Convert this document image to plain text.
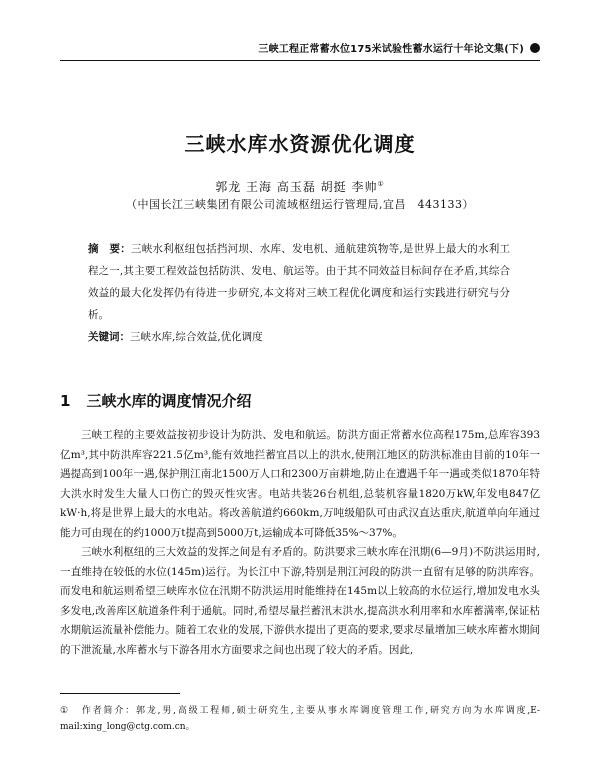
三峡工程正常蓄水位175米试验性蓄水运行十年论文集(下)
三峡水库水资源优化调度
郭龙 王海 高玉磊 胡挺 李帅①
（中国长江三峡集团有限公司流域枢纽运行管理局,宜昌　443133）
摘　要：三峡水利枢纽包括挡河坝、水库、发电机、通航建筑物等,是世界上最大的水利工程之一,其主要工程效益包括防洪、发电、航运等。由于其不同效益目标间存在矛盾,其综合效益的最大化发挥仍有待进一步研究,本文将对三峡工程优化调度和运行实践进行研究与分析。
关键词：三峡水库,综合效益,优化调度
1 三峡水库的调度情况介绍

三峡工程的主要效益按初步设计为防洪、发电和航运。防洪方面正常蓄水位高程175m,总库容393亿m³,其中防洪库容221.5亿m³,能有效地拦蓄宜昌以上的洪水,使荆江地区的防洪标准由目前的10年一遇提高到100年一遇,保护荆江南北1500万人口和2300万亩耕地,防止在遭遇千年一遇或类似1870年特大洪水时发生大量人口伤亡的毁灭性灾害。电站共装26台机组,总装机容量1820万kW,年发电847亿kW·h,将是世界上最大的水电站。将改善航道约660km,万吨级船队可由武汉直达重庆,航道单向年通过能力可由现在的约1000万t提高到5000万t,运输成本可降低35%～37%。

三峡水利枢纽的三大效益的发挥之间是有矛盾的。防洪要求三峡水库在汛期(6—9月)不防洪运用时,一直维持在较低的水位(145m)运行。为长江中下游,特别是荆江河段的防洪一直留有足够的防洪库容。而发电和航运则希望三峡库水位在汛期不防洪运用时能维持在145m以上较高的水位运行,增加发电水头多发电,改善库区航道条件利于通航。同时,希望尽量拦蓄汛末洪水,提高洪水利用率和水库蓄满率,保证枯水期航运流量补偿能力。随着工农业的发展,下游供水提出了更高的要求,要求尽量增加三峡水库蓄水期间的下泄流量,水库蓄水与下游各用水方面要求之间也出现了较大的矛盾。因此,

① 作者简介：郭龙,男,高级工程师,硕士研究生,主要从事水库调度管理工作,研究方向为水库调度,E-mail:xing_long@ctg.com.cn。
